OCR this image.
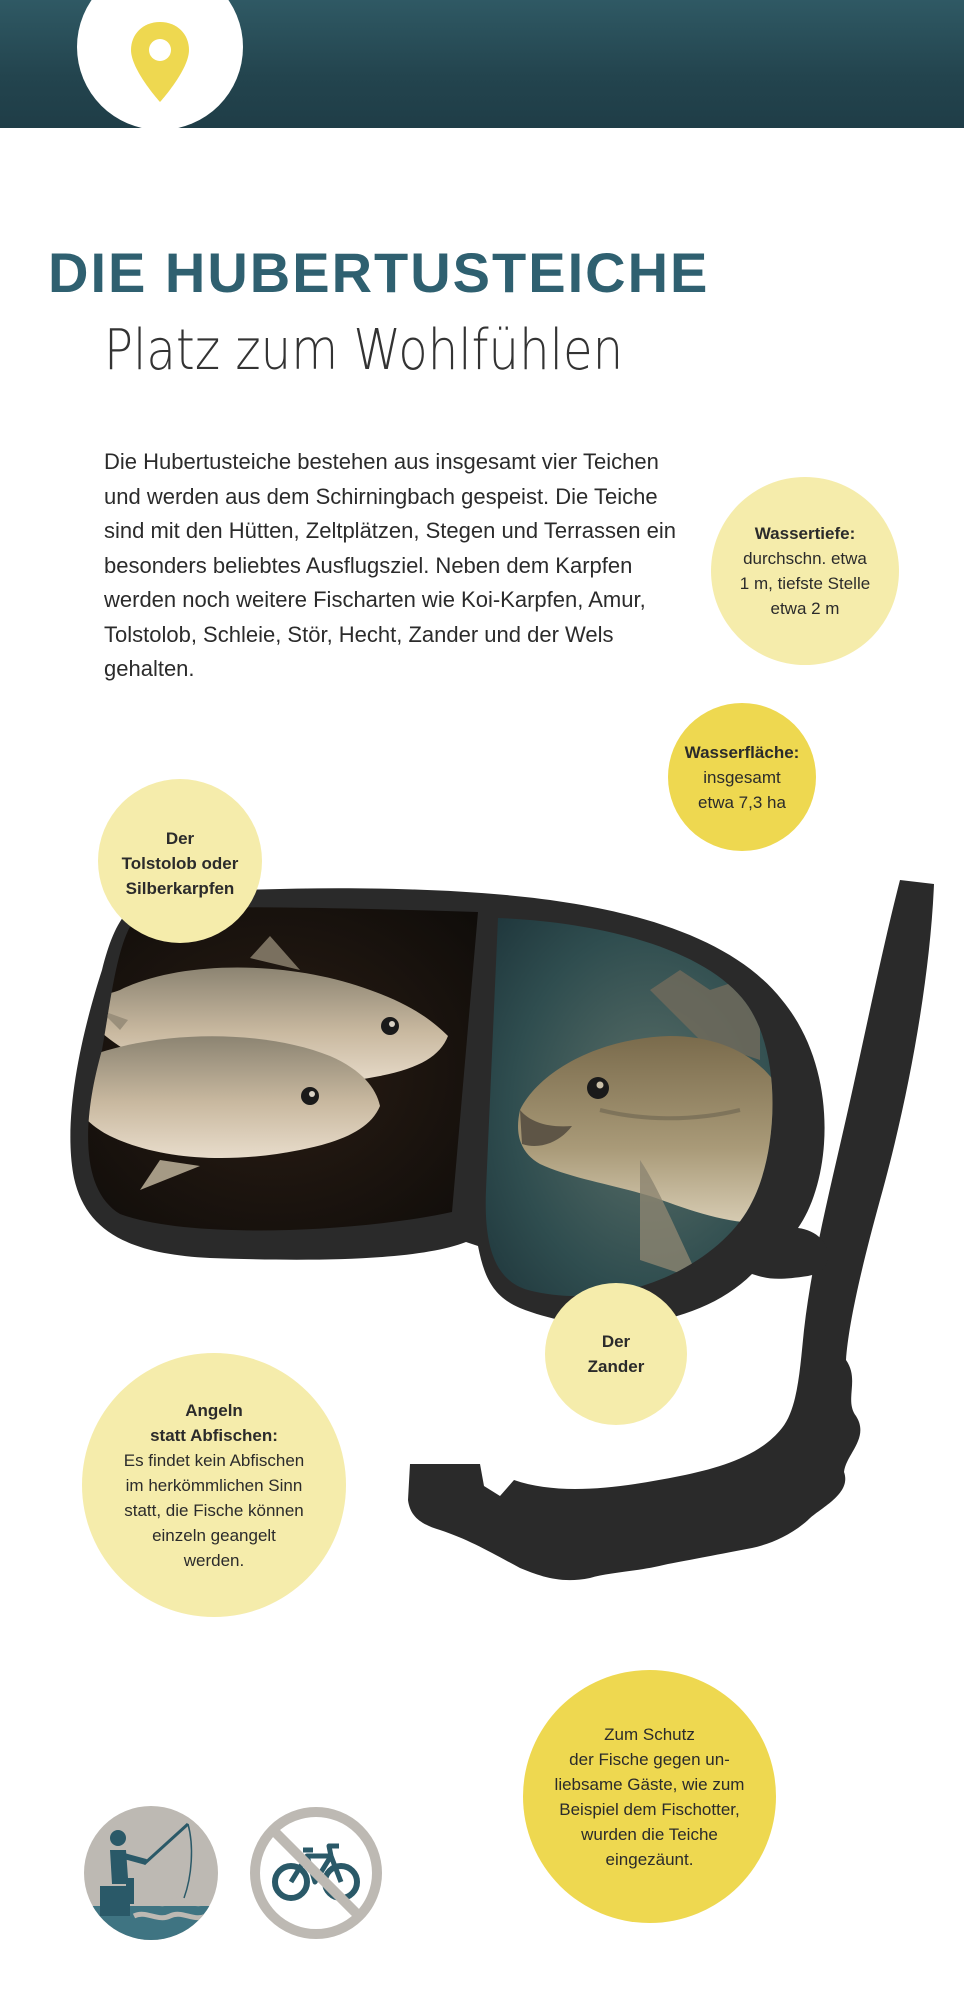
DIE HUBERTUSTEICHE
Platz zum Wohlfühlen

Die Hubertusteiche bestehen aus insgesamt vier Teichen und werden aus dem Schirningbach gespeist. Die Teiche sind mit den Hütten, Zeltplätzen, Stegen und Terrassen ein besonders beliebtes Ausflugsziel. Neben dem Karpfen werden noch weitere Fischarten wie Koi-Karpfen, Amur, Tolstolob, Schleie, Stör, Hecht, Zander und der Wels gehalten.

Wassertiefe:
durchschn. etwa
1 m, tiefste Stelle
etwa 2 m
Wasserfläche:
insgesamt
etwa 7,3 ha
Der
Tolstolob oder
Silberkarpfen
Der
Zander
Angeln
statt Abfischen:
Es findet kein Abfischen
im herkömmlichen Sinn
statt, die Fische können
einzeln geangelt
werden.
Zum Schutz
der Fische gegen un-
liebsame Gäste, wie zum
Beispiel dem Fischotter,
wurden die Teiche
eingezäunt.
